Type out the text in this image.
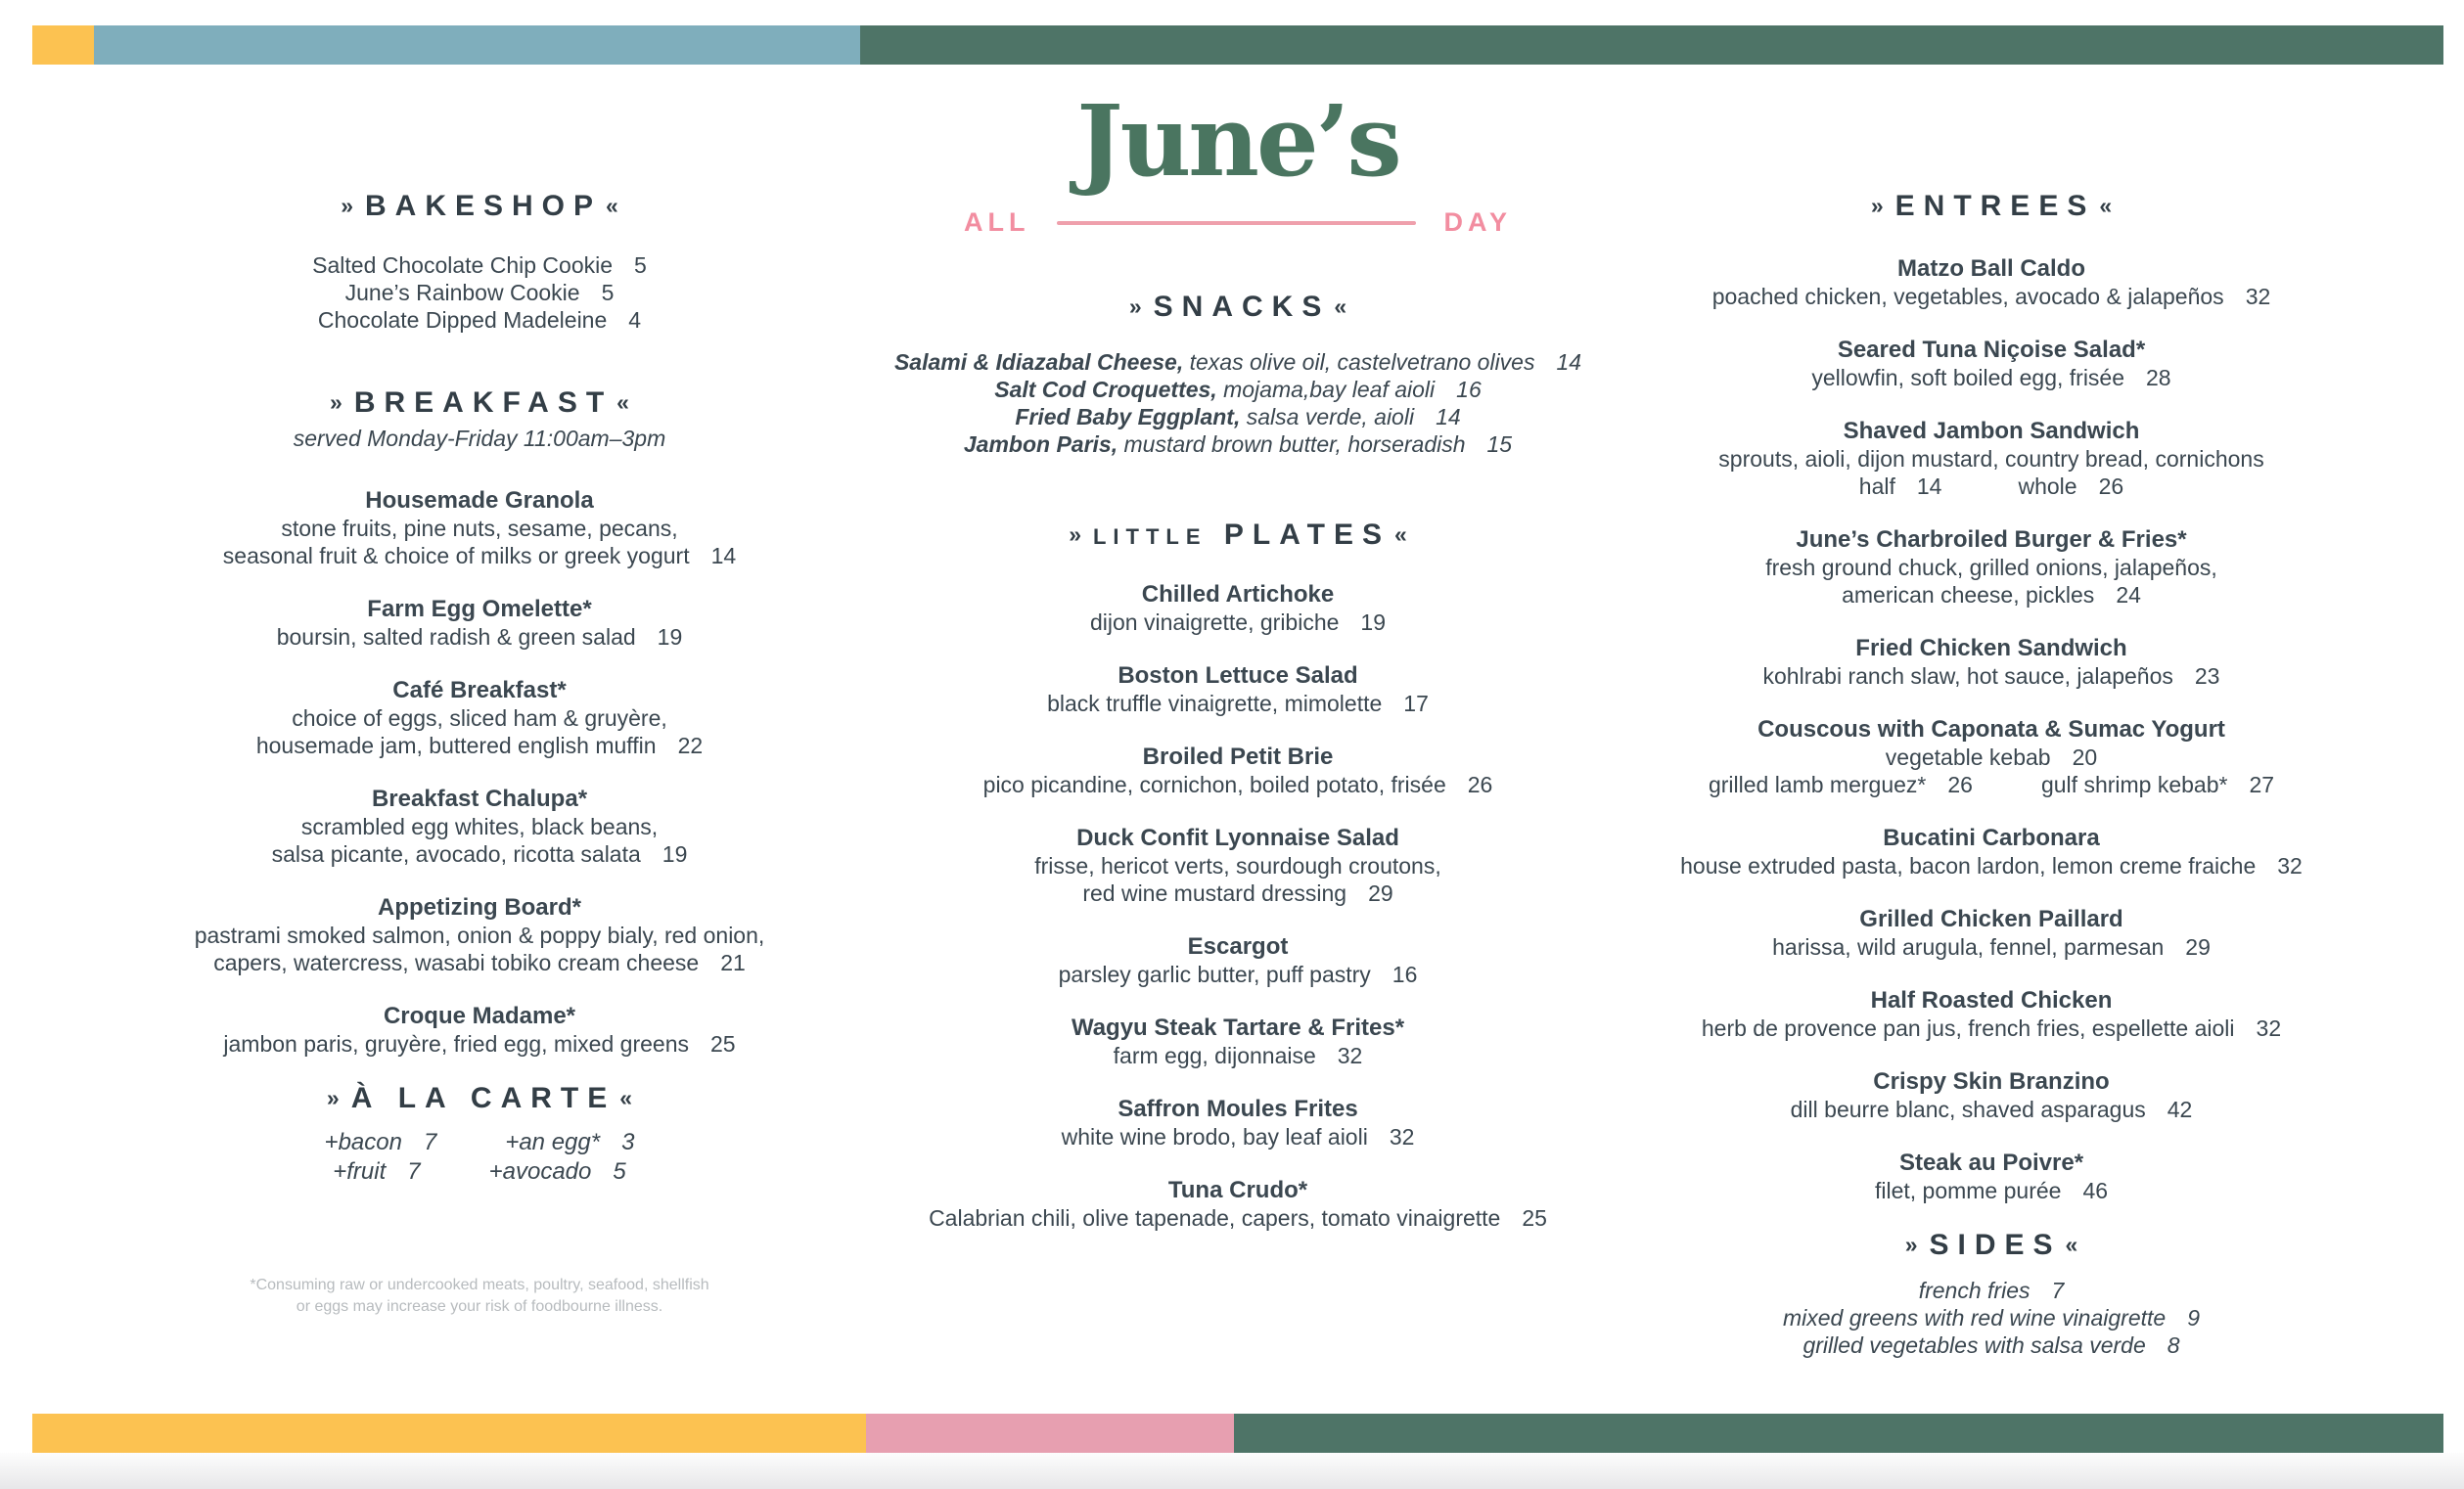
» BAKESHOP «
Salted Chocolate Chip Cookie 5
June’s Rainbow Cookie 5
Chocolate Dipped Madeleine 4
» BREAKFAST «
served Monday-Friday 11:00am–3pm
Housemade Granola
stone fruits, pine nuts, sesame, pecans,
seasonal fruit & choice of milks or greek yogurt 14
Farm Egg Omelette*
boursin, salted radish & green salad 19
Café Breakfast*
choice of eggs, sliced ham & gruyère,
housemade jam, buttered english muffin 22
Breakfast Chalupa*
scrambled egg whites, black beans,
salsa picante, avocado, ricotta salata 19
Appetizing Board*
pastrami smoked salmon, onion & poppy bialy, red onion,
capers, watercress, wasabi tobiko cream cheese 21
Croque Madame*
jambon paris, gruyère, fried egg, mixed greens 25
» À LA CARTE «
+bacon 7	+an egg* 3
+fruit 7	+avocado 5
*Consuming raw or undercooked meats, poultry, seafood, shellfish
or eggs may increase your risk of foodbourne illness.
June’s
ALL	DAY
» SNACKS «
Salami & Idiazabal Cheese, texas olive oil, castelvetrano olives 14
Salt Cod Croquettes, mojama,bay leaf aioli 16
Fried Baby Eggplant, salsa verde, aioli 14
Jambon Paris, mustard brown butter, horseradish 15
» LITTLE PLATES «
Chilled Artichoke
dijon vinaigrette, gribiche 19
Boston Lettuce Salad
black truffle vinaigrette, mimolette 17
Broiled Petit Brie
pico picandine, cornichon, boiled potato, frisée 26
Duck Confit Lyonnaise Salad
frisse, hericot verts, sourdough croutons,
red wine mustard dressing 29
Escargot
parsley garlic butter, puff pastry 16
Wagyu Steak Tartare & Frites*
farm egg, dijonnaise 32
Saffron Moules Frites
white wine brodo, bay leaf aioli 32
Tuna Crudo*
Calabrian chili, olive tapenade, capers, tomato vinaigrette 25
» ENTREES «
Matzo Ball Caldo
poached chicken, vegetables, avocado & jalapeños 32
Seared Tuna Niçoise Salad*
yellowfin, soft boiled egg, frisée 28
Shaved Jambon Sandwich
sprouts, aioli, dijon mustard, country bread, cornichons
half 14	whole 26
June’s Charbroiled Burger & Fries*
fresh ground chuck, grilled onions, jalapeños,
american cheese, pickles 24
Fried Chicken Sandwich
kohlrabi ranch slaw, hot sauce, jalapeños 23
Couscous with Caponata & Sumac Yogurt
vegetable kebab 20
grilled lamb merguez* 26	gulf shrimp kebab* 27
Bucatini Carbonara
house extruded pasta, bacon lardon, lemon creme fraiche 32
Grilled Chicken Paillard
harissa, wild arugula, fennel, parmesan 29
Half Roasted Chicken
herb de provence pan jus, french fries, espellette aioli 32
Crispy Skin Branzino
dill beurre blanc, shaved asparagus 42
Steak au Poivre*
filet, pomme purée 46
» SIDES «
french fries 7
mixed greens with red wine vinaigrette 9
grilled vegetables with salsa verde 8
